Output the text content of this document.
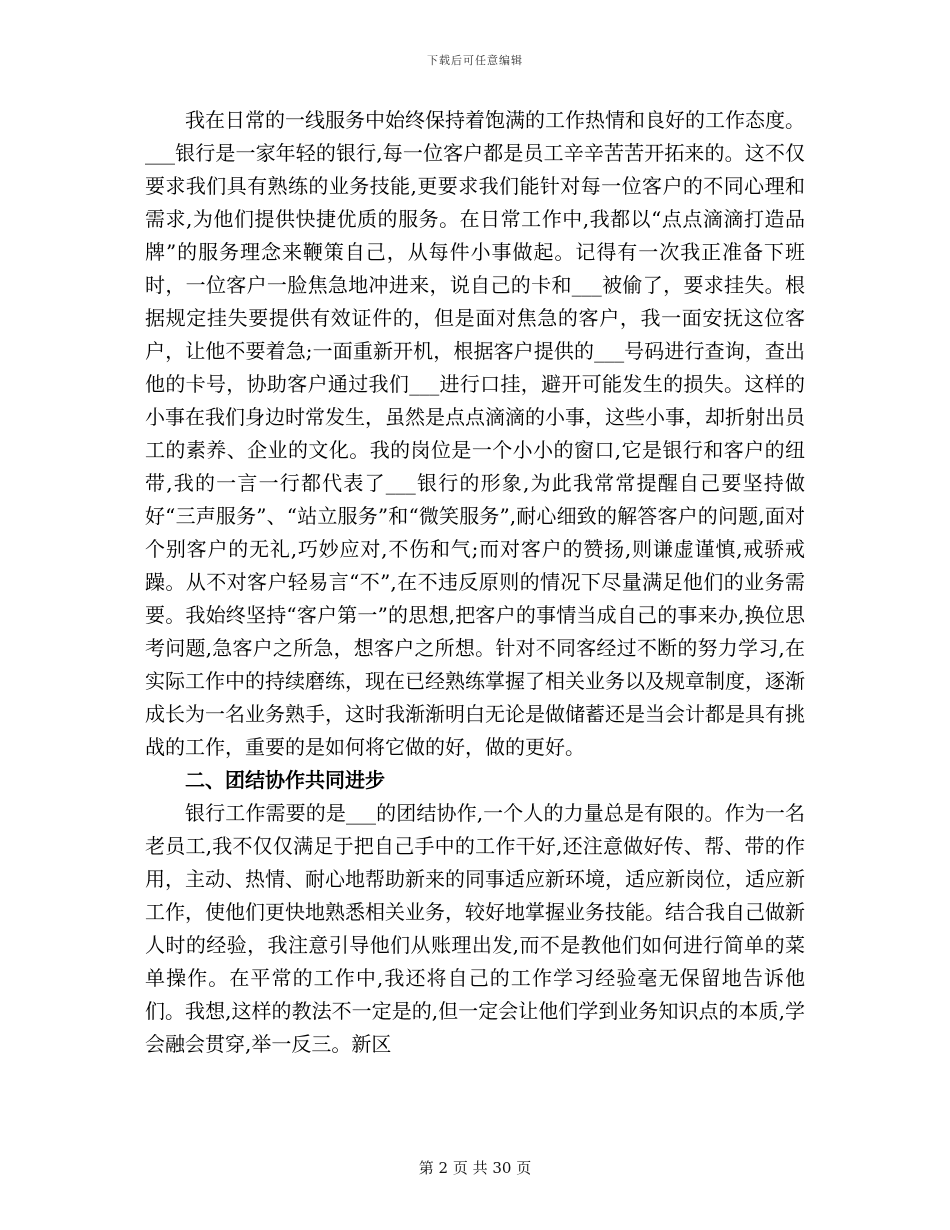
下载后可任意编辑

我在日常的一线服务中始终保持着饱满的工作热情和良好的工作态度。___银行是一家年轻的银行,每一位客户都是员工辛辛苦苦开拓来的。这不仅要求我们具有熟练的业务技能,更要求我们能针对每一位客户的不同心理和需求,为他们提供快捷优质的服务。在日常工作中,我都以“点点滴滴打造品牌”的服务理念来鞭策自己，从每件小事做起。记得有一次我正准备下班时，一位客户一脸焦急地冲进来，说自己的卡和___被偷了，要求挂失。根据规定挂失要提供有效证件的，但是面对焦急的客户，我一面安抚这位客户，让他不要着急;一面重新开机，根据客户提供的___号码进行查询，查出他的卡号，协助客户通过我们___进行口挂，避开可能发生的损失。这样的小事在我们身边时常发生，虽然是点点滴滴的小事，这些小事，却折射出员工的素养、企业的文化。我的岗位是一个小小的窗口,它是银行和客户的纽带,我的一言一行都代表了___银行的形象,为此我常常提醒自己要坚持做好“三声服务”、“站立服务”和“微笑服务”,耐心细致的解答客户的问题,面对个别客户的无礼,巧妙应对,不伤和气;而对客户的赞扬,则谦虚谨慎,戒骄戒躁。从不对客户轻易言“不”,在不违反原则的情况下尽量满足他们的业务需要。我始终坚持“客户第一”的思想,把客户的事情当成自己的事来办,换位思考问题,急客户之所急，想客户之所想。针对不同客经过不断的努力学习,在实际工作中的持续磨练，现在已经熟练掌握了相关业务以及规章制度，逐渐成长为一名业务熟手，这时我渐渐明白无论是做储蓄还是当会计都是具有挑战的工作，重要的是如何将它做的好，做的更好。

二、团结协作共同进步

银行工作需要的是___的团结协作,一个人的力量总是有限的。作为一名老员工,我不仅仅满足于把自己手中的工作干好,还注意做好传、帮、带的作用，主动、热情、耐心地帮助新来的同事适应新环境，适应新岗位，适应新工作，使他们更快地熟悉相关业务，较好地掌握业务技能。结合我自己做新人时的经验，我注意引导他们从账理出发,而不是教他们如何进行简单的菜单操作。在平常的工作中,我还将自己的工作学习经验毫无保留地告诉他们。我想,这样的教法不一定是的,但一定会让他们学到业务知识点的本质,学会融会贯穿,举一反三。新区

第 2 页 共 30 页
